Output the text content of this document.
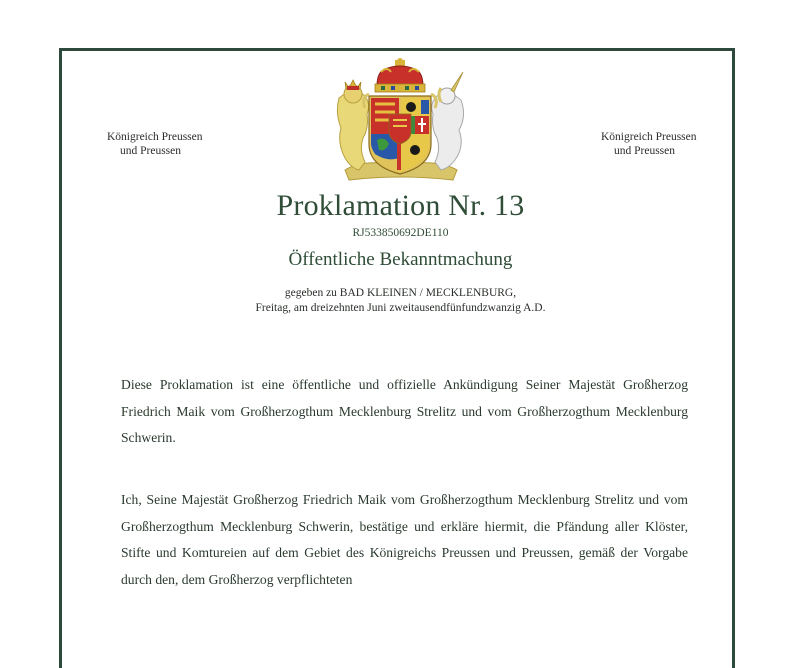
Königreich Preussen
und Preussen
Königreich Preussen
und Preussen
Proklamation Nr. 13
RJ533850692DE110
Öffentliche Bekanntmachung
gegeben zu BAD KLEINEN / MECKLENBURG,
Freitag, am dreizehnten Juni zweitausendfünfundzwanzig A.D.
Diese Proklamation ist eine öffentliche und offizielle Ankündigung Seiner Majestät Großherzog Friedrich Maik vom Großherzogthum Mecklenburg Strelitz und vom Großherzogthum Mecklenburg Schwerin.
Ich, Seine Majestät Großherzog Friedrich Maik vom Großherzogthum Mecklenburg Strelitz und vom Großherzogthum Mecklenburg Schwerin, bestätige und erkläre hiermit, die Pfändung aller Klöster, Stifte und Komtureien auf dem Gebiet des Königreichs Preussen und Preussen, gemäß der Vorgabe durch den, dem Großherzog verpflichteten
